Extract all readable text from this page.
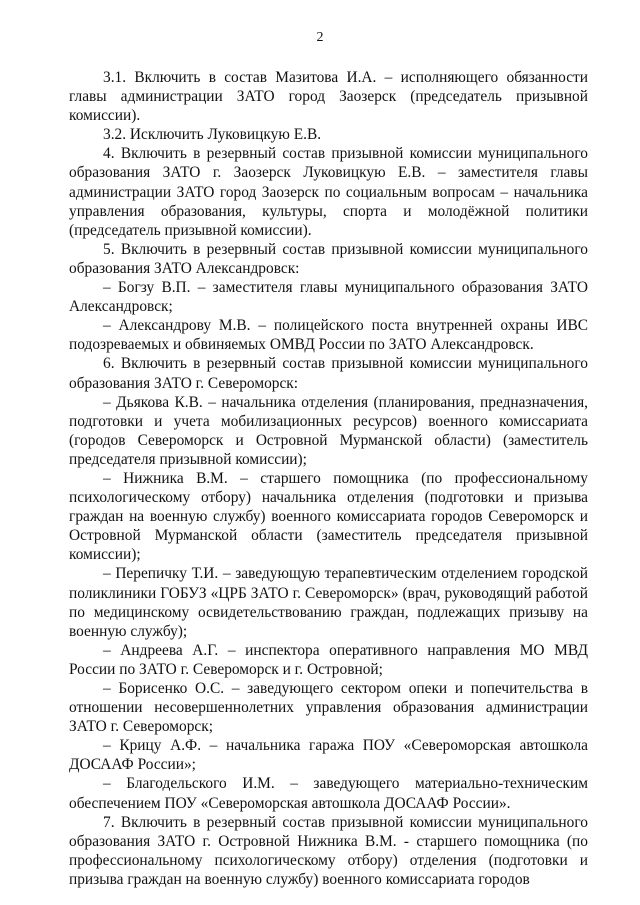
2

3.1. Включить в состав Мазитова И.А. – исполняющего обязанности главы администрации ЗАТО город Заозерск (председатель призывной комиссии).

3.2. Исключить Луковицкую Е.В.

4. Включить в резервный состав призывной комиссии муниципального образования ЗАТО г. Заозерск Луковицкую Е.В. – заместителя главы администрации ЗАТО город Заозерск по социальным вопросам – начальника управления образования, культуры, спорта и молодёжной политики (председатель призывной комиссии).

5. Включить в резервный состав призывной комиссии муниципального образования ЗАТО Александровск:

– Богзу В.П. – заместителя главы муниципального образования ЗАТО Александровск;

– Александрову М.В. – полицейского поста внутренней охраны ИВС подозреваемых и обвиняемых ОМВД России по ЗАТО Александровск.

6. Включить в резервный состав призывной комиссии муниципального образования ЗАТО г. Североморск:

– Дьякова К.В. – начальника отделения (планирования, предназначения, подготовки и учета мобилизационных ресурсов) военного комиссариата (городов Североморск и Островной Мурманской области) (заместитель председателя призывной комиссии);

– Нижника В.М. – старшего помощника (по профессиональному психологическому отбору) начальника отделения (подготовки и призыва граждан на военную службу) военного комиссариата городов Североморск и Островной Мурманской области (заместитель председателя призывной комиссии);

– Перепичку Т.И. – заведующую терапевтическим отделением городской поликлиники ГОБУЗ «ЦРБ ЗАТО г. Североморск» (врач, руководящий работой по медицинскому освидетельствованию граждан, подлежащих призыву на военную службу);

– Андреева А.Г. – инспектора оперативного направления МО МВД России по ЗАТО г. Североморск и г. Островной;

– Борисенко О.С. – заведующего сектором опеки и попечительства в отношении несовершеннолетних управления образования администрации ЗАТО г. Североморск;

– Крицу А.Ф. – начальника гаража ПОУ «Североморская автошкола ДОСААФ России»;

– Благодельского И.М. – заведующего материально-техническим обеспечением ПОУ «Североморская автошкола ДОСААФ России».

7. Включить в резервный состав призывной комиссии муниципального образования ЗАТО г. Островной Нижника В.М. - старшего помощника (по профессиональному психологическому отбору) отделения (подготовки и призыва граждан на военную службу) военного комиссариата городов
